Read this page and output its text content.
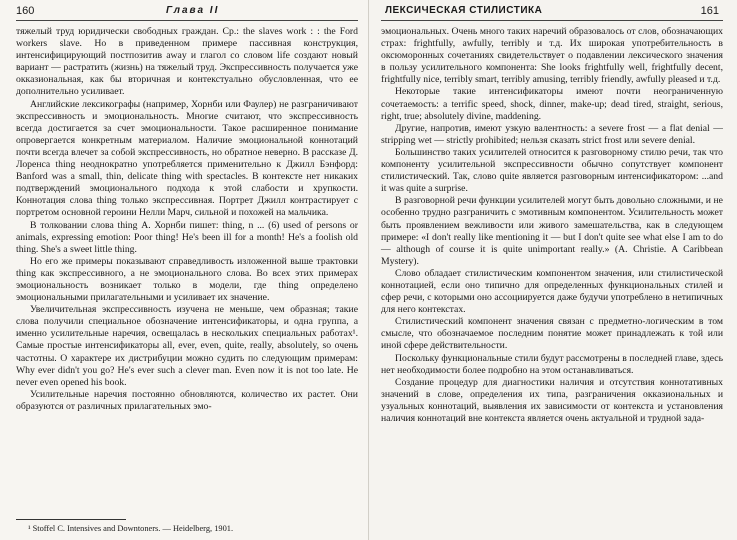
160	Глава II

тяжелый труд юридически свободных граждан. Ср.: the slaves work : : the Ford workers slave. Но в приведенном примере пассивная конструкция, интенсифицирующий постпозитив away и глагол со словом life создают новый вариант — растратить (жизнь) на тяжелый труд. Экспрессивность получается уже окказиональная, как бы вторичная и контекстуально обусловленная, что ее дополнительно усиливает.

Английские лексикографы (например, Хорнби или Фаулер) не разграничивают экспрессивность и эмоциональность. Многие считают, что экспрессивность всегда достигается за счет эмоциональности. Такое расширенное понимание опровергается конкретным материалом. Наличие эмоциональной коннотаций почти всегда влечет за собой экспрессивность, но обратное неверно. В рассказе Д. Лоренса thing неоднократно употребляется применительно к Джилл Бэнфорд: Banford was a small, thin, delicate thing with spectacles. В контексте нет никаких подтверждений эмоционального подхода к этой слабости и хрупкости. Коннотация слова thing только экспрессивная. Портрет Джилл контрастирует с портретом основной героини Нелли Марч, сильной и похожей на мальчика.

В толковании слова thing А. Хорнби пишет: thing, n ... (6) used of persons or animals, expressing emotion: Poor thing! He's been ill for a month! He's a foolish old thing. She's a sweet little thing.

Но его же примеры показывают справедливость изложенной выше трактовки thing как экспрессивного, а не эмоционального слова. Во всех этих примерах эмоциональность возникает только в модели, где thing определено эмоциональными прилагательными и усиливает их значение.

Увеличительная экспрессивность изучена не меньше, чем образная; такие слова получили специальное обозначение интенсификаторы, и одна группа, а именно усилительные наречия, освещалась в нескольких специальных работах¹. Самые простые интенсификаторы all, ever, even, quite, really, absolutely, so очень частотны. О характере их дистрибуции можно судить по следующим примерам: Why ever didn't you go? He's ever such a clever man. Even now it is not too late. He never even opened his book.

Усилительные наречия постоянно обновляются, количество их растет. Они образуются от различных прилагательных эмо-

¹ Stoffel C. Intensives and Downtoners. — Heidelberg, 1901.
ЛЕКСИЧЕСКАЯ СТИЛИСТИКА	161

эмоциональных. Очень много таких наречий образовалось от слов, обозначающих страх: frightfully, awfully, terribly и т.д. Их широкая употребительность в оксюморонных сочетаниях свидетельствует о подавлении лексического значения в пользу усилительного компонента: She looks frightfully well, frightfully decent, frightfully nice, terribly smart, terribly amusing, terribly friendly, awfully pleased и т.д.

Некоторые такие интенсификаторы имеют почти неограниченную сочетаемость: a terrific speed, shock, dinner, make-up; dead tired, straight, serious, right, true; absolutely divine, maddening.

Другие, напротив, имеют узкую валентность: a severe frost — a flat denial — stripping wet — strictly prohibited; нельзя сказать strict frost или severe denial.

Большинство таких усилителей относится к разговорному стилю речи, так что компоненту усилительной экспрессивности обычно сопутствует компонент стилистический. Так, слово quite является разговорным интенсификатором: ...and it was quite a surprise.

В разговорной речи функции усилителей могут быть довольно сложными, и не особенно трудно разграничить с эмотивным компонентом. Усилительность может быть проявлением вежливости или живого замешательства, как в следующем примере: «I don't really like mentioning it — but I don't quite see what else I am to do — although of course it is quite unimportant really.» (A. Christie. A Caribbean Mystery).

Слово обладает стилистическим компонентом значения, или стилистической коннотацией, если оно типично для определенных функциональных стилей и сфер речи, с которыми оно ассоциируется даже будучи употреблено в нетипичных для него контекстах.

Стилистический компонент значения связан с предметно-логическим в том смысле, что обозначаемое последним понятие может принадлежать к той или иной сфере действительности.

Поскольку функциональные стили будут рассмотрены в последней главе, здесь нет необходимости более подробно на этом останавливаться.

Создание процедур для диагностики наличия и отсутствия коннотативных значений в слове, определения их типа, разграничения окказиональных и узуальных коннотаций, выявления их зависимости от контекста и установления наличия коннотаций вне контекста является очень актуальной и трудной зада-
